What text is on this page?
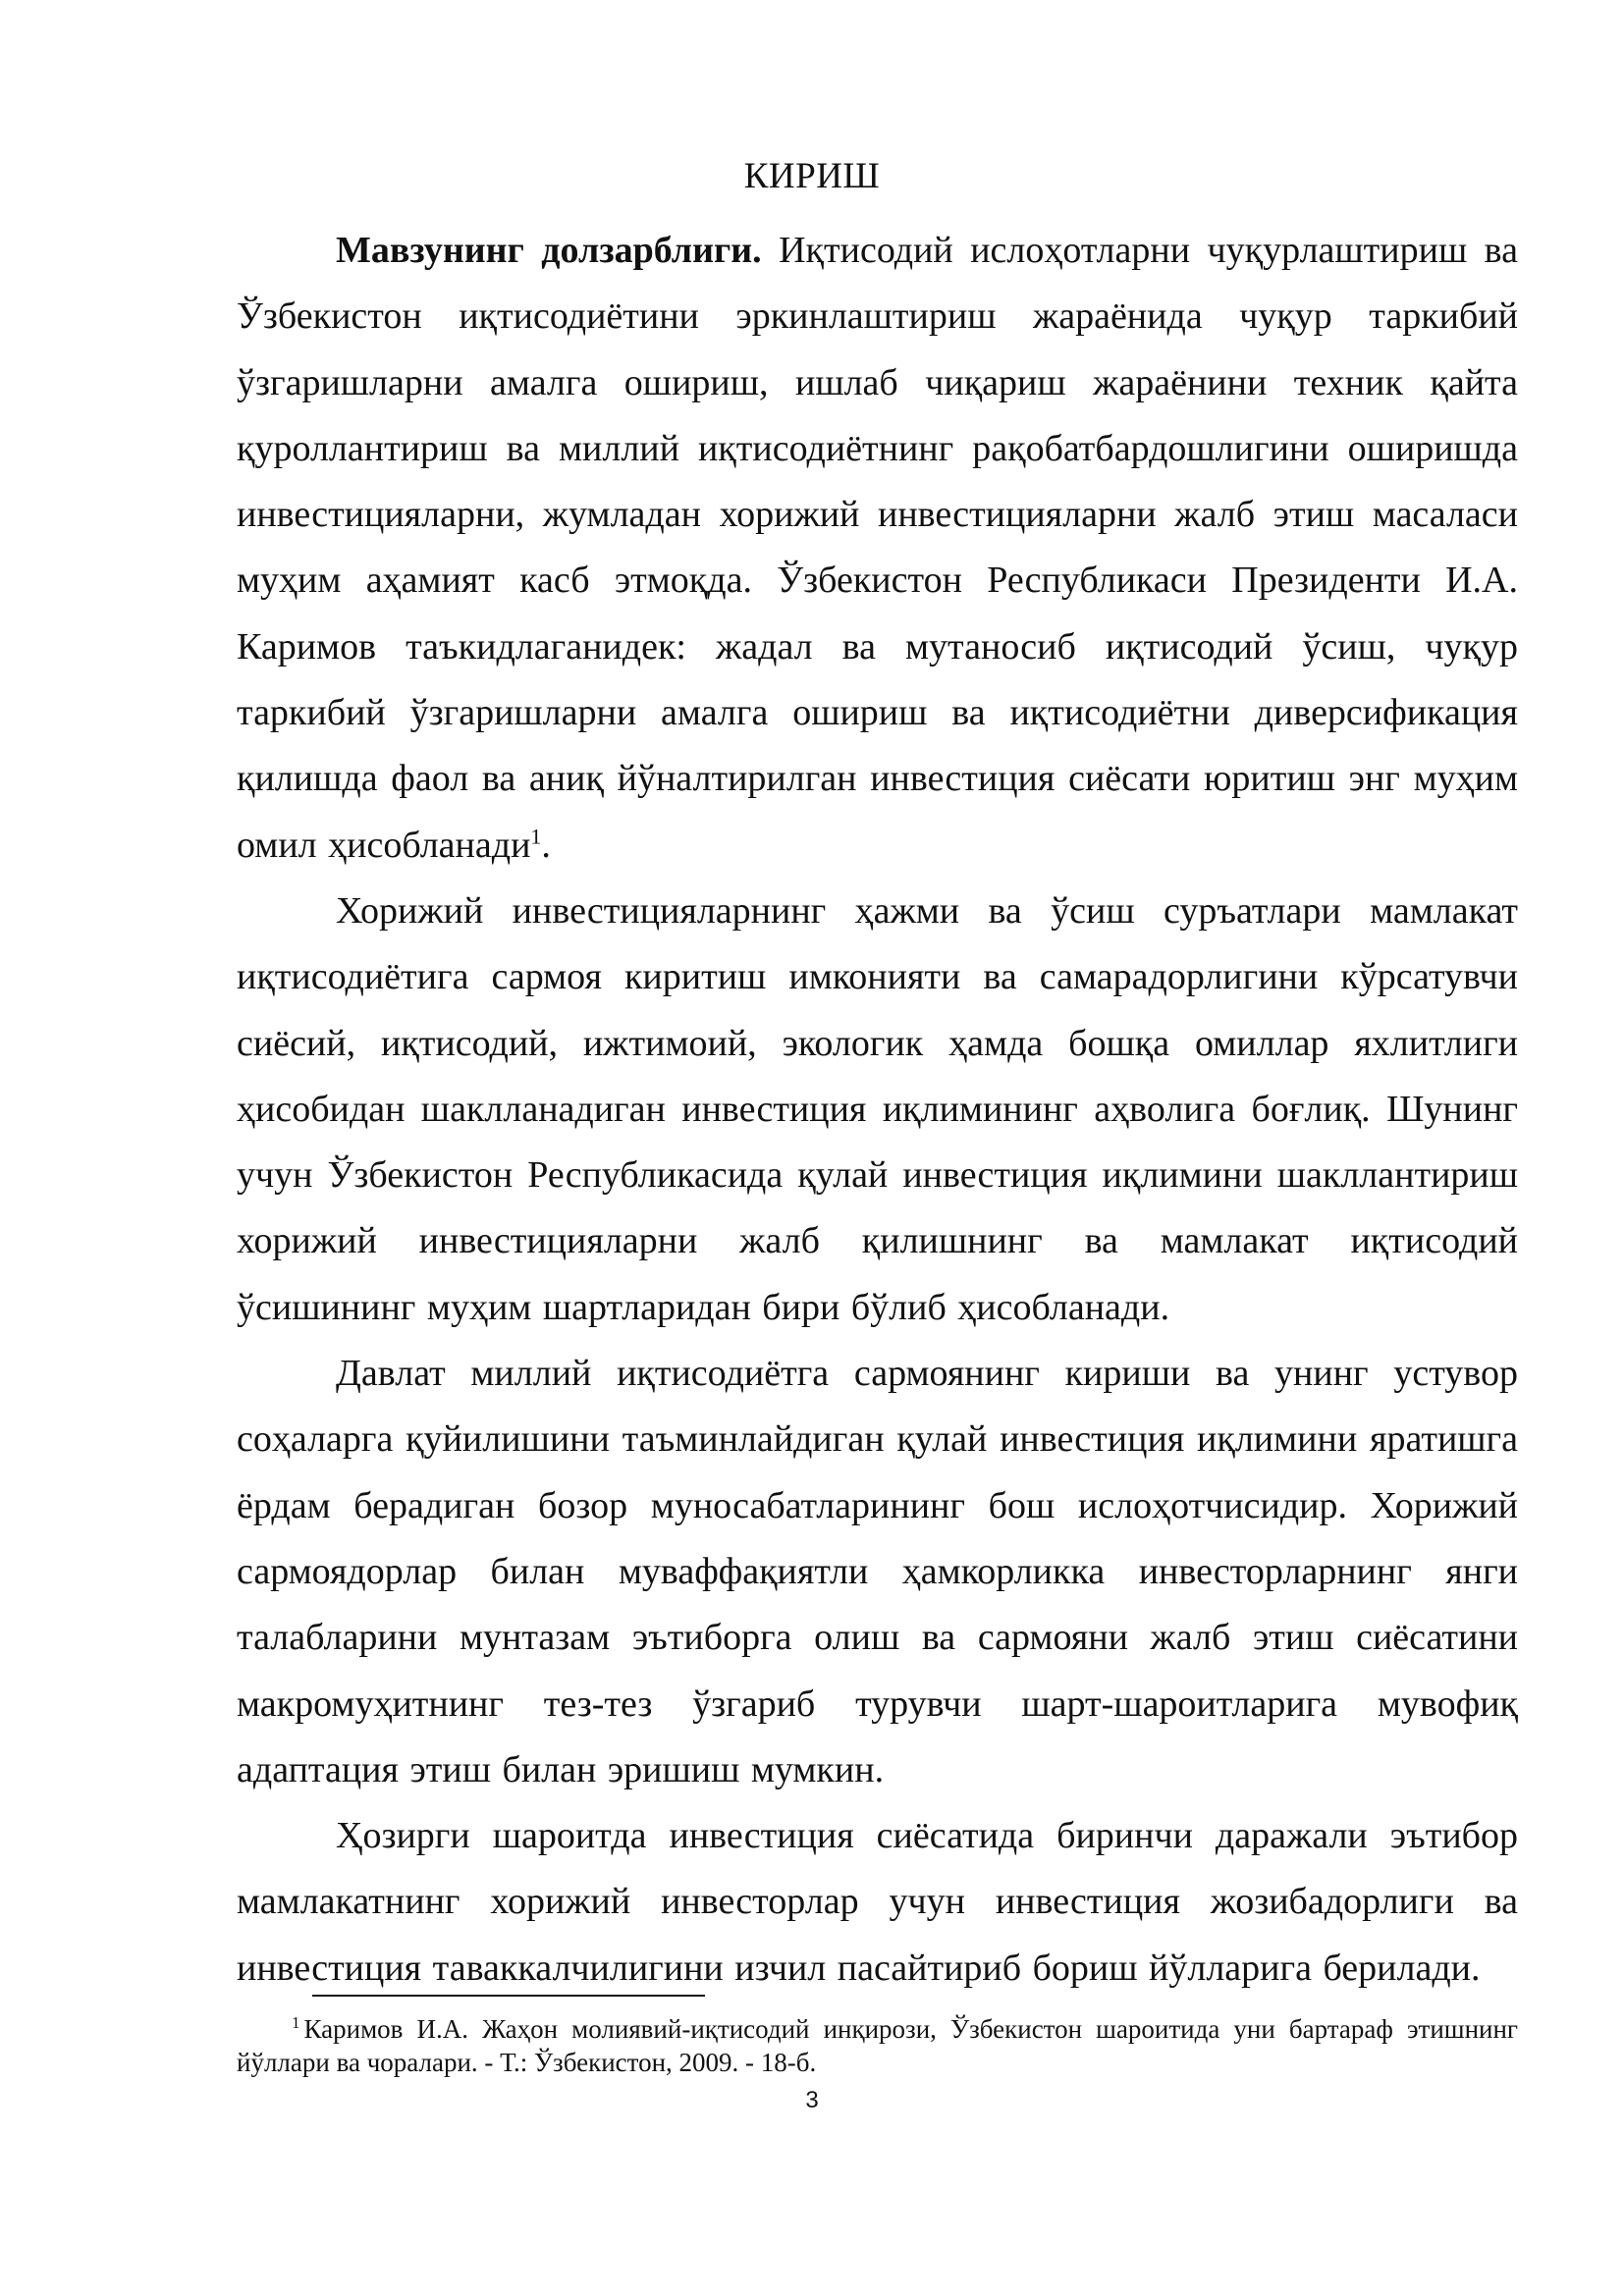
КИРИШ

Мавзунинг долзарблиги. Иқтисодий ислоҳотларни чуқурлаштириш ва Ўзбекистон иқтисодиётини эркинлаштириш жараёнида чуқур таркибий ўзгаришларни амалга ошириш, ишлаб чиқариш жараёнини техник қайта қуроллантириш ва миллий иқтисодиётнинг рақобатбардошлигини оширишда инвестицияларни, жумладан хорижий инвестицияларни жалб этиш масаласи муҳим аҳамият касб этмоқда. Ўзбекистон Республикаси Президенти И.А. Каримов таъкидлаганидек: жадал ва мутаносиб иқтисодий ўсиш, чуқур таркибий ўзгаришларни амалга ошириш ва иқтисодиётни диверсификация қилишда фаол ва аниқ йўналтирилган инвестиция сиёсати юритиш энг муҳим омил ҳисобланади$^1$.

Хорижий инвестицияларнинг ҳажми ва ўсиш суръатлари мамлакат иқтисодиётига сармоя киритиш имконияти ва самарадорлигини кўрсатувчи сиёсий, иқтисодий, ижтимоий, экологик ҳамда бошқа омиллар яхлитлиги ҳисобидан шаклланадиган инвестиция иқлимининг аҳволига боғлиқ. Шунинг учун Ўзбекистон Республикасида қулай инвестиция иқлимини шакллантириш хорижий инвестицияларни жалб қилишнинг ва мамлакат иқтисодий ўсишининг муҳим шартларидан бири бўлиб ҳисобланади.

Давлат миллий иқтисодиётга сармоянинг кириши ва унинг устувор соҳаларга қуйилишини таъминлайдиган қулай инвестиция иқлимини яратишга ёрдам берадиган бозор муносабатларининг бош ислоҳотчисидир. Хорижий сармоядорлар билан муваффақиятли ҳамкорликка инвесторларнинг янги талабларини мунтазам эътиборга олиш ва сармояни жалб этиш сиёсатини макромуҳитнинг тез-тез ўзгариб турувчи шарт-шароитларига мувофиқ адаптация этиш билан эришиш мумкин.

Ҳозирги шароитда инвестиция сиёсатида биринчи даражали эътибор мамлакатнинг хорижий инвесторлар учун инвестиция жозибадорлиги ва инвестиция таваккалчилигини изчил пасайтириб бориш йўлларига берилади.

$^1$ Каримов И.А. Жаҳон молиявий-иқтисодий инқирози, Ўзбекистон шароитида уни бартараф этишнинг йўллари ва чоралари. - Т.: Ўзбекистон, 2009. - 18-б.

3
